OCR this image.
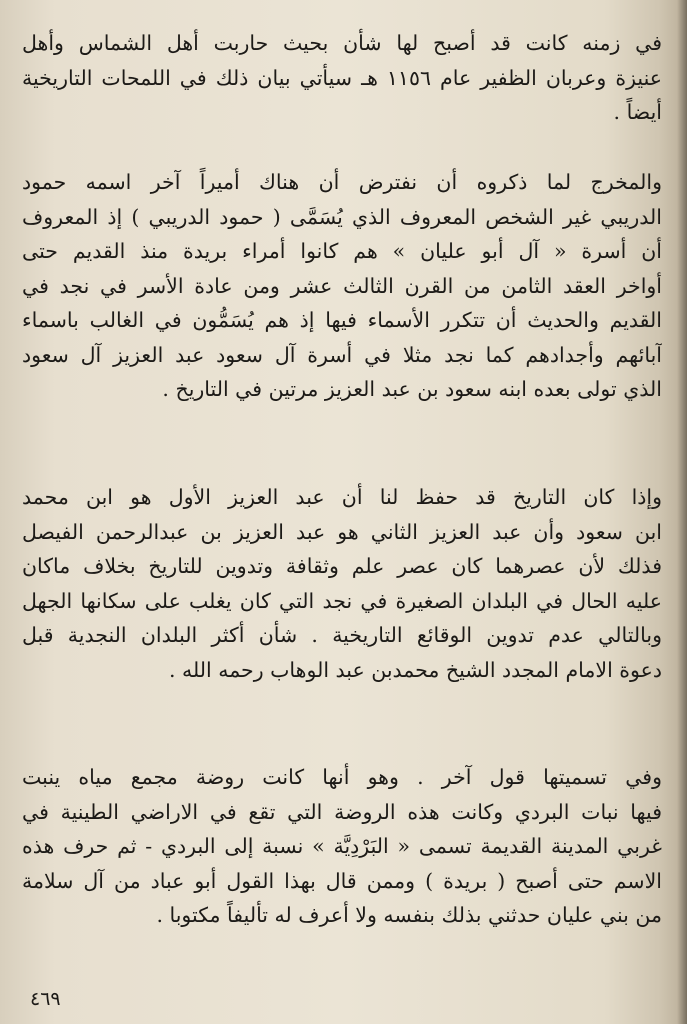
في زمنه كانت قد أصبح لها شأن بحيث حاربت أهل الشماس وأهل
عنيزة وعربان الظفير عام ١١٥٦ هـ سيأتي بيان ذلك في اللمحات التاريخية
أيضاً .
والمخرج لما ذكروه أن نفترض أن هناك أميراً آخر اسمه حمود
الدريبي غير الشخص المعروف الذي يُسَمَّى ( حمود الدريبي ) إذ المعروف
أن أسرة « آل أبو عليان » هم كانوا أمراء بريدة منذ القديم حتى
أواخر العقد الثامن من القرن الثالث عشر ومن عادة الأسر في نجد في
القديم والحديث أن تتكرر الأسماء فيها إذ هم يُسَمُّون في الغالب باسماء
آبائهم وأجدادهم كما نجد مثلا في أسرة آل سعود عبد العزيز آل سعود
الذي تولى بعده ابنه سعود بن عبد العزيز مرتين في التاريخ .
وإذا كان التاريخ قد حفظ لنا أن عبد العزيز الأول هو ابن محمد
ابن سعود وأن عبد العزيز الثاني هو عبد العزيز بن عبدالرحمن الفيصل
فذلك لأن عصرهما كان عصر علم وثقافة وتدوين للتاريخ بخلاف ماكان
عليه الحال في البلدان الصغيرة في نجد التي كان يغلب على سكانها الجهل
وبالتالي عدم تدوين الوقائع التاريخية . شأن أكثر البلدان النجدية قبل
دعوة الامام المجدد الشيخ محمدبن عبد الوهاب رحمه الله .
وفي تسميتها قول آخر . وهو أنها كانت روضة مجمع مياه ينبت
فيها نبات البردي وكانت هذه الروضة التي تقع في الاراضي الطينية في
غربي المدينة القديمة تسمى « البَرْدِيَّة » نسبة إلى البردي - ثم حرف هذه
الاسم حتى أصبح ( بريدة ) وممن قال بهذا القول أبو عباد من آل سلامة
من بني عليان حدثني بذلك بنفسه ولا أعرف له تأليفاً مكتوبا .
٤٦٩
